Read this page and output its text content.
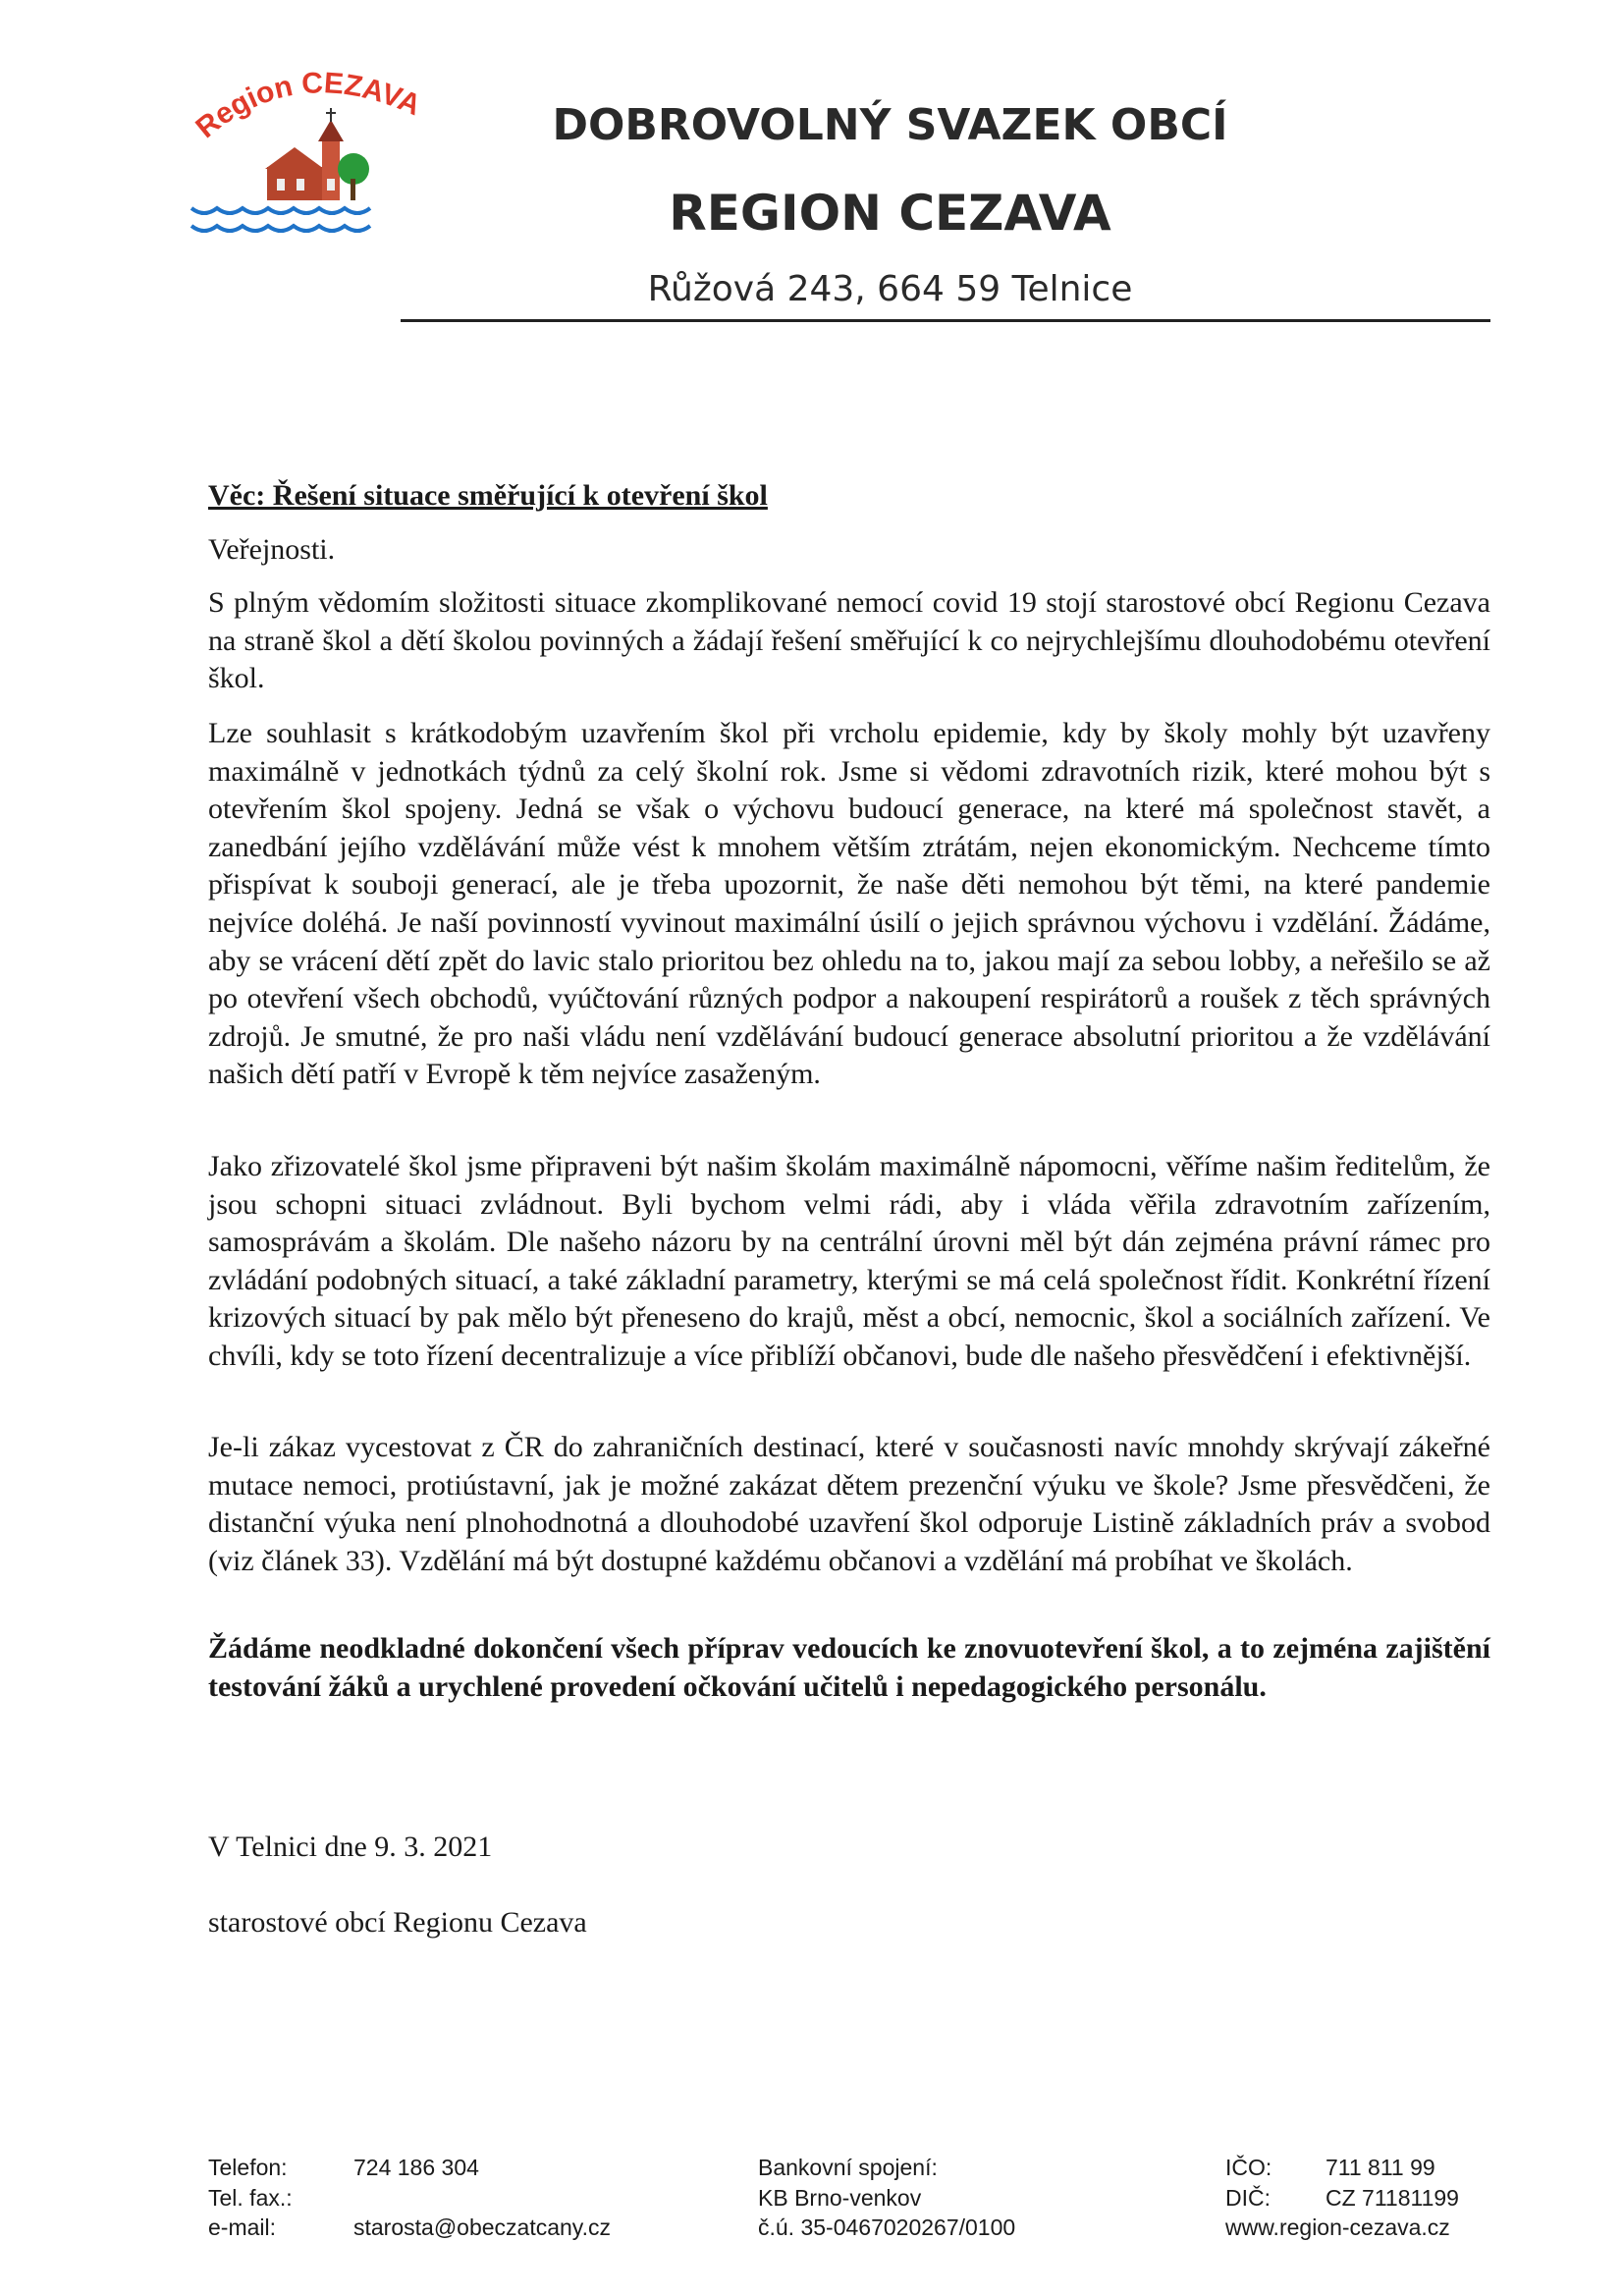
Region CEZAVA	DOBROVOLNÝ SVAZEK OBCÍ
REGION CEZAVA
Růžová 243, 664 59 Telnice
Věc: Řešení situace směřující k otevření škol
Veřejnosti.

S plným vědomím složitosti situace zkomplikované nemocí covid 19 stojí starostové obcí Regionu Cezava na straně škol a dětí školou povinných a žádají řešení směřující k co nejrychlejšímu dlouhodobému otevření škol.

Lze souhlasit s krátkodobým uzavřením škol při vrcholu epidemie, kdy by školy mohly být uzavřeny maximálně v jednotkách týdnů za celý školní rok. Jsme si vědomi zdravotních rizik, které mohou být s otevřením škol spojeny. Jedná se však o výchovu budoucí generace, na které má společnost stavět, a zanedbání jejího vzdělávání může vést k mnohem větším ztrátám, nejen ekonomickým. Nechceme tímto přispívat k souboji generací, ale je třeba upozornit, že naše děti nemohou být těmi, na které pandemie nejvíce doléhá. Je naší povinností vyvinout maximální úsilí o jejich správnou výchovu i vzdělání. Žádáme, aby se vrácení dětí zpět do lavic stalo prioritou bez ohledu na to, jakou mají za sebou lobby, a neřešilo se až po otevření všech obchodů, vyúčtování různých podpor a nakoupení respirátorů a roušek z těch správných zdrojů. Je smutné, že pro naši vládu není vzdělávání budoucí generace absolutní prioritou a že vzdělávání našich dětí patří v Evropě k těm nejvíce zasaženým.

Jako zřizovatelé škol jsme připraveni být našim školám maximálně nápomocni, věříme našim ředitelům, že jsou schopni situaci zvládnout. Byli bychom velmi rádi, aby i vláda věřila zdravotním zařízením, samosprávám a školám. Dle našeho názoru by na centrální úrovni měl být dán zejména právní rámec pro zvládání podobných situací, a také základní parametry, kterými se má celá společnost řídit. Konkrétní řízení krizových situací by pak mělo být přeneseno do krajů, měst a obcí, nemocnic, škol a sociálních zařízení. Ve chvíli, kdy se toto řízení decentralizuje a více přiblíží občanovi, bude dle našeho přesvědčení i efektivnější.

Je-li zákaz vycestovat z ČR do zahraničních destinací, které v současnosti navíc mnohdy skrývají zákeřné mutace nemoci, protiústavní, jak je možné zakázat dětem prezenční výuku ve škole? Jsme přesvědčeni, že distanční výuka není plnohodnotná a dlouhodobé uzavření škol odporuje Listině základních práv a svobod (viz článek 33). Vzdělání má být dostupné každému občanovi a vzdělání má probíhat ve školách.

Žádáme neodkladné dokončení všech příprav vedoucích ke znovuotevření škol, a to zejména zajištění testování žáků a urychlené provedení očkování učitelů i nepedagogického personálu.

V Telnici dne 9. 3. 2021
starostové obcí Regionu Cezava
Telefon:
Tel. fax.:
e-mail:
724 186 304

starosta@obeczatcany.cz
Bankovní spojení:
KB Brno-venkov
č.ú. 35-0467020267/0100
IČO:
DIČ:
711 811 99
CZ 71181199
www.region-cezava.cz
